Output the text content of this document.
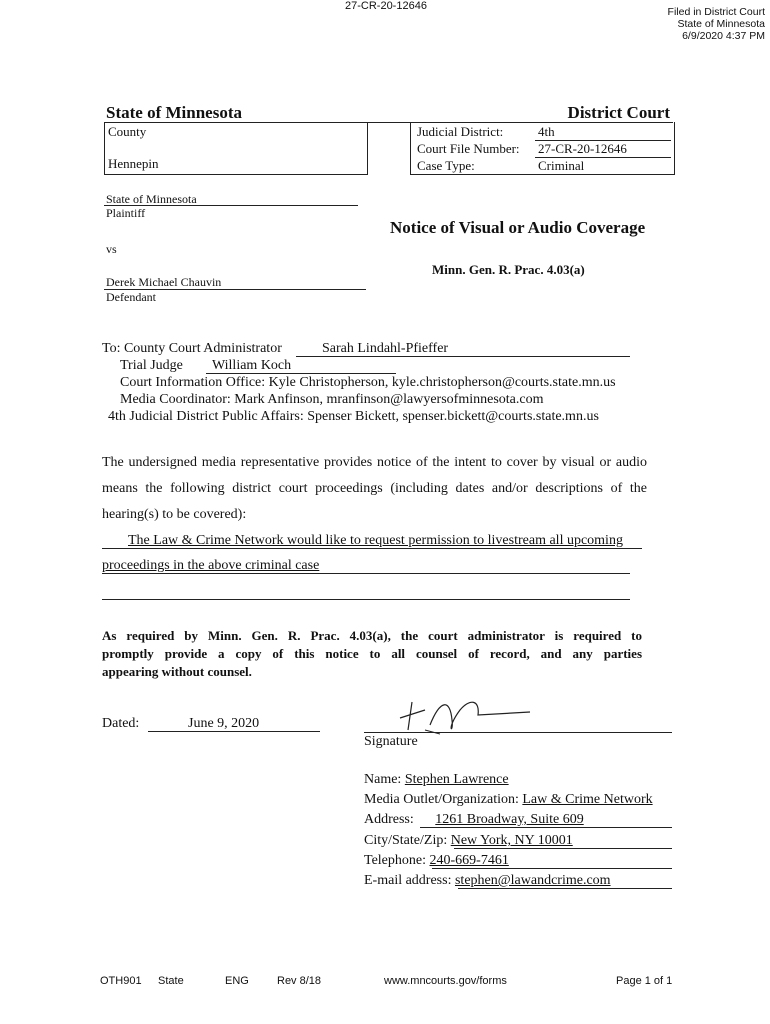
27-CR-20-12646	Filed in District Court
State of Minnesota
6/9/2020 4:37 PM
State of Minnesota	District Court
County
Hennepin
Judicial District:	4th
Court File Number: 27-CR-20-12646
Case Type:	Criminal
State of Minnesota
Plaintiff
vs
Derek Michael Chauvin
Defendant
Notice of Visual or Audio Coverage
Minn. Gen. R. Prac. 4.03(a)
To: County Court Administrator	Sarah Lindahl-Pfieffer
Trial Judge William Koch
Court Information Office: Kyle Christopherson, kyle.christopherson@courts.state.mn.us
Media Coordinator: Mark Anfinson, mranfinson@lawyersofminnesota.com
4th Judicial District Public Affairs: Spenser Bickett, spenser.bickett@courts.state.mn.us
The undersigned media representative provides notice of the intent to cover by visual or audio
means the following district court proceedings (including dates and/or descriptions of the
hearing(s) to be covered):
The Law & Crime Network would like to request permission to livestream all upcoming
proceedings in the above criminal case
As required by Minn. Gen. R. Prac. 4.03(a), the court administrator is required to
promptly provide a copy of this notice to all counsel of record, and any parties
appearing without counsel.
Dated:	June 9, 2020
Signature
Name: Stephen Lawrence
Media Outlet/Organization: Law & Crime Network
Address: 1261 Broadway, Suite 609
City/State/Zip: New York, NY 10001
Telephone: 240-669-7461
E-mail address: stephen@lawandcrime.com
OTH901 State	ENG	Rev 8/18	www.mncourts.gov/forms	Page 1 of 1
